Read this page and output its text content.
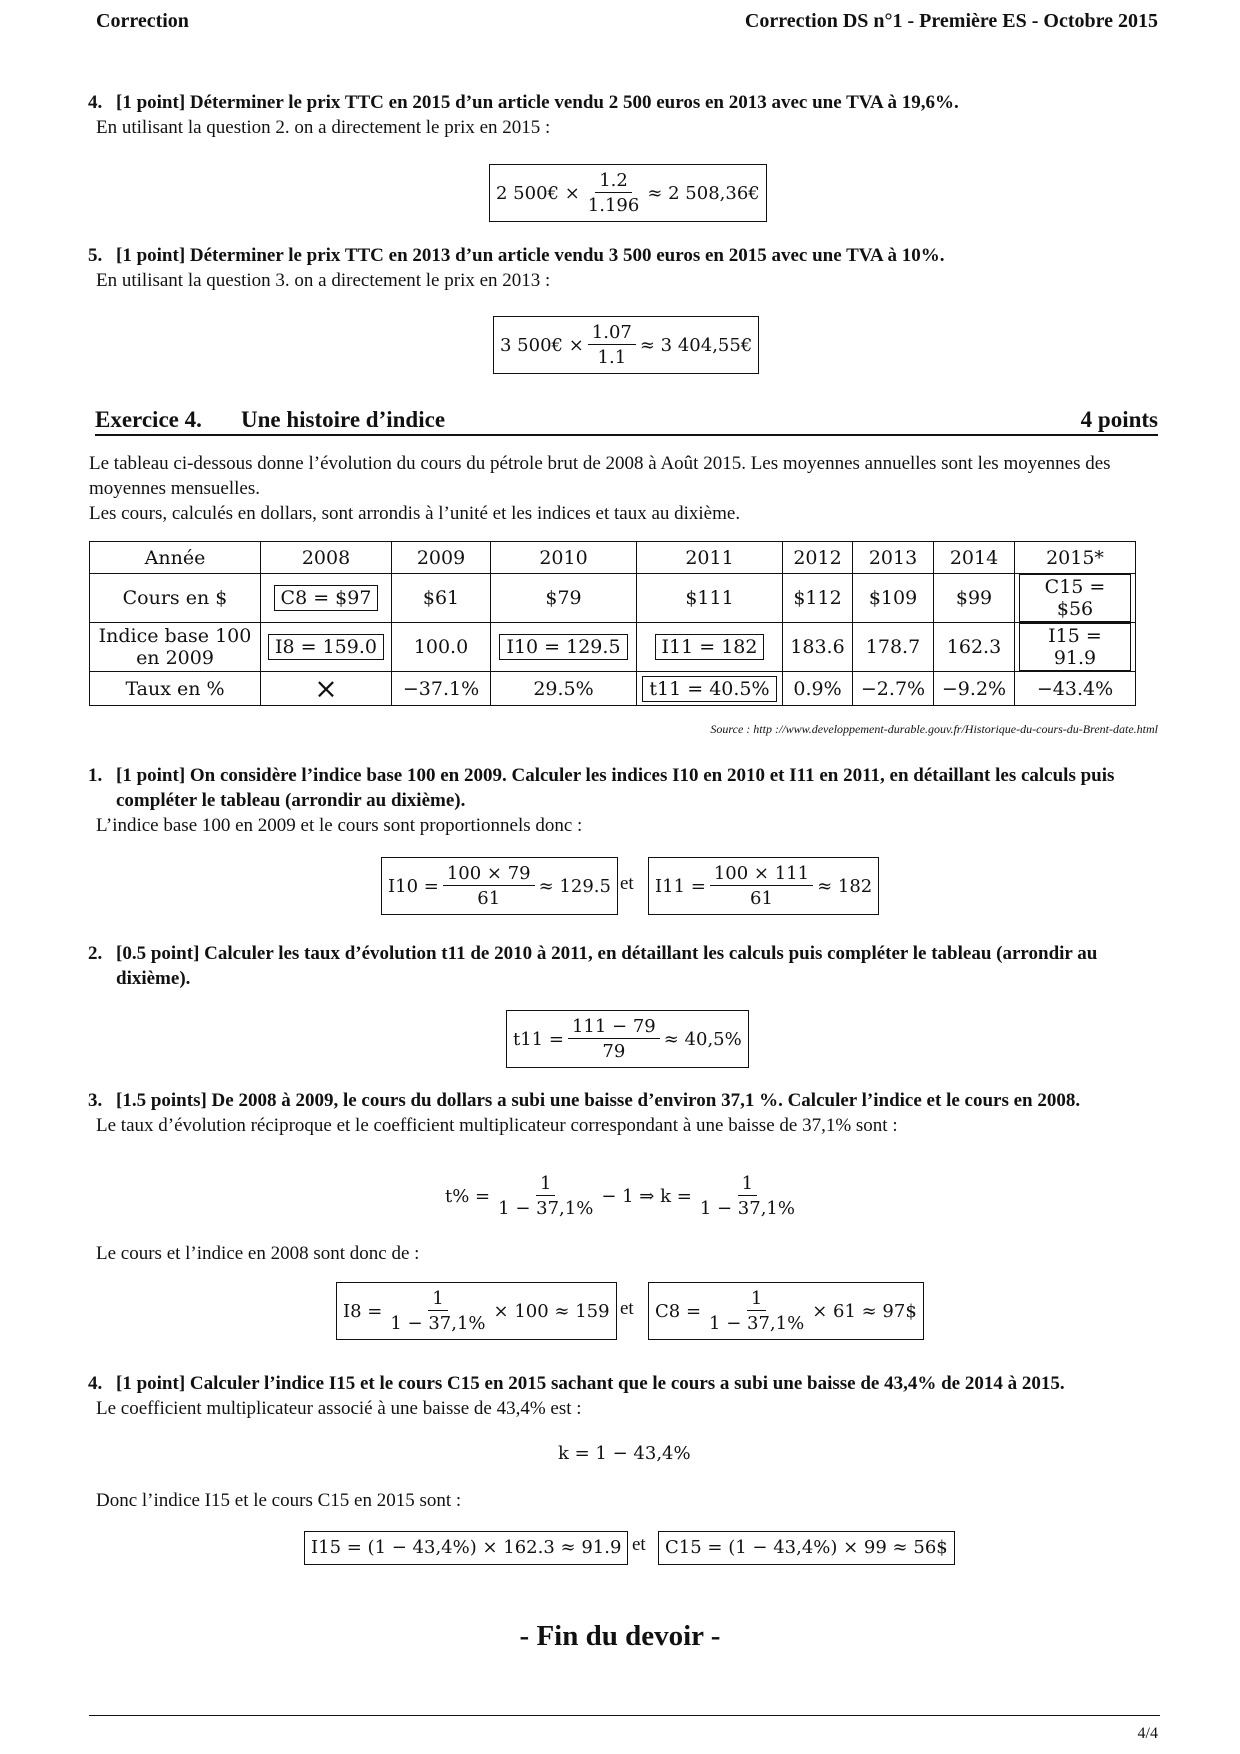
Correction	Correction DS n°1 - Première ES - Octobre 2015
4. [1 point] Déterminer le prix TTC en 2015 d’un article vendu 2 500 euros en 2013 avec une TVA à 19,6%.
En utilisant la question 2. on a directement le prix en 2015 :
2 500€ × $\frac{1.2}{1.196} \approx 2$ 508,36€
5. [1 point] Déterminer le prix TTC en 2013 d’un article vendu 3 500 euros en 2015 avec une TVA à 10%.
En utilisant la question 3. on a directement le prix en 2013 :
3 500€ × $\frac{1.07}{1.1} \approx 3$ 404,55€
Exercice 4. Une histoire d’indice	4 points
Le tableau ci-dessous donne l’évolution du cours du pétrole brut de 2008 à Août 2015. Les moyennes annuelles sont les moyennes des moyennes mensuelles.
Les cours, calculés en dollars, sont arrondis à l’unité et les indices et taux au dixième.
Année	2008	2009	2010	2011	2012	2013	2014	2015*
Cours en $	C8 = $97	$61	$79	$111	$112	$109	$99	C15 = $56
Indice base 100 en 2009	I8 = 159.0	100.0	I10 = 129.5	I11 = 182	183.6	178.7	162.3	I15 = 91.9
Taux en %	×	−37.1%	29.5%	t11 = 40.5%	0.9%	−2.7%	−9.2%	−43.4%
Source : http ://www.developpement-durable.gouv.fr/Historique-du-cours-du-Brent-date.html
1. [1 point] On considère l’indice base 100 en 2009. Calculer les indices I10 en 2010 et I11 en 2011, en détaillant les calculs puis compléter le tableau (arrondir au dixième).
L’indice base 100 en 2009 et le cours sont proportionnels donc :
$I10 = \frac{100 \times 79}{61} \approx 129.5$ et $I11 = \frac{100 \times 111}{61} \approx 182$
2. [0.5 point] Calculer les taux d’évolution t11 de 2010 à 2011, en détaillant les calculs puis compléter le tableau (arrondir au dixième).
$t11 = \frac{111 - 79}{79} \approx 40,5\%$
3. [1.5 points] De 2008 à 2009, le cours du dollars a subi une baisse d’environ 37,1 %. Calculer l’indice et le cours en 2008.
Le taux d’évolution réciproque et le coefficient multiplicateur correspondant à une baisse de 37,1% sont :
$t\% = \frac{1}{1 - 37,1\%} - 1$ ⇒ $k = \frac{1}{1 - 37,1\%}$
Le cours et l’indice en 2008 sont donc de :
$I8 = \frac{1}{1 - 37,1\%} \times 100 \approx 159$ et $C8 = \frac{1}{1 - 37,1\%} \times 61$ ≈ 97$
4. [1 point] Calculer l’indice I15 et le cours C15 en 2015 sachant que le cours a subi une baisse de 43,4% de 2014 à 2015.
Le coefficient multiplicateur associé à une baisse de 43,4% est :
k = 1 − 43,4%
Donc l’indice I15 et le cours C15 en 2015 sont :
I15 = (1 − 43,4%) × 162.3 ≈ 91.9 et	C15 = (1 − 43,4%) × 99 ≈ 56$
- Fin du devoir -
4/4
